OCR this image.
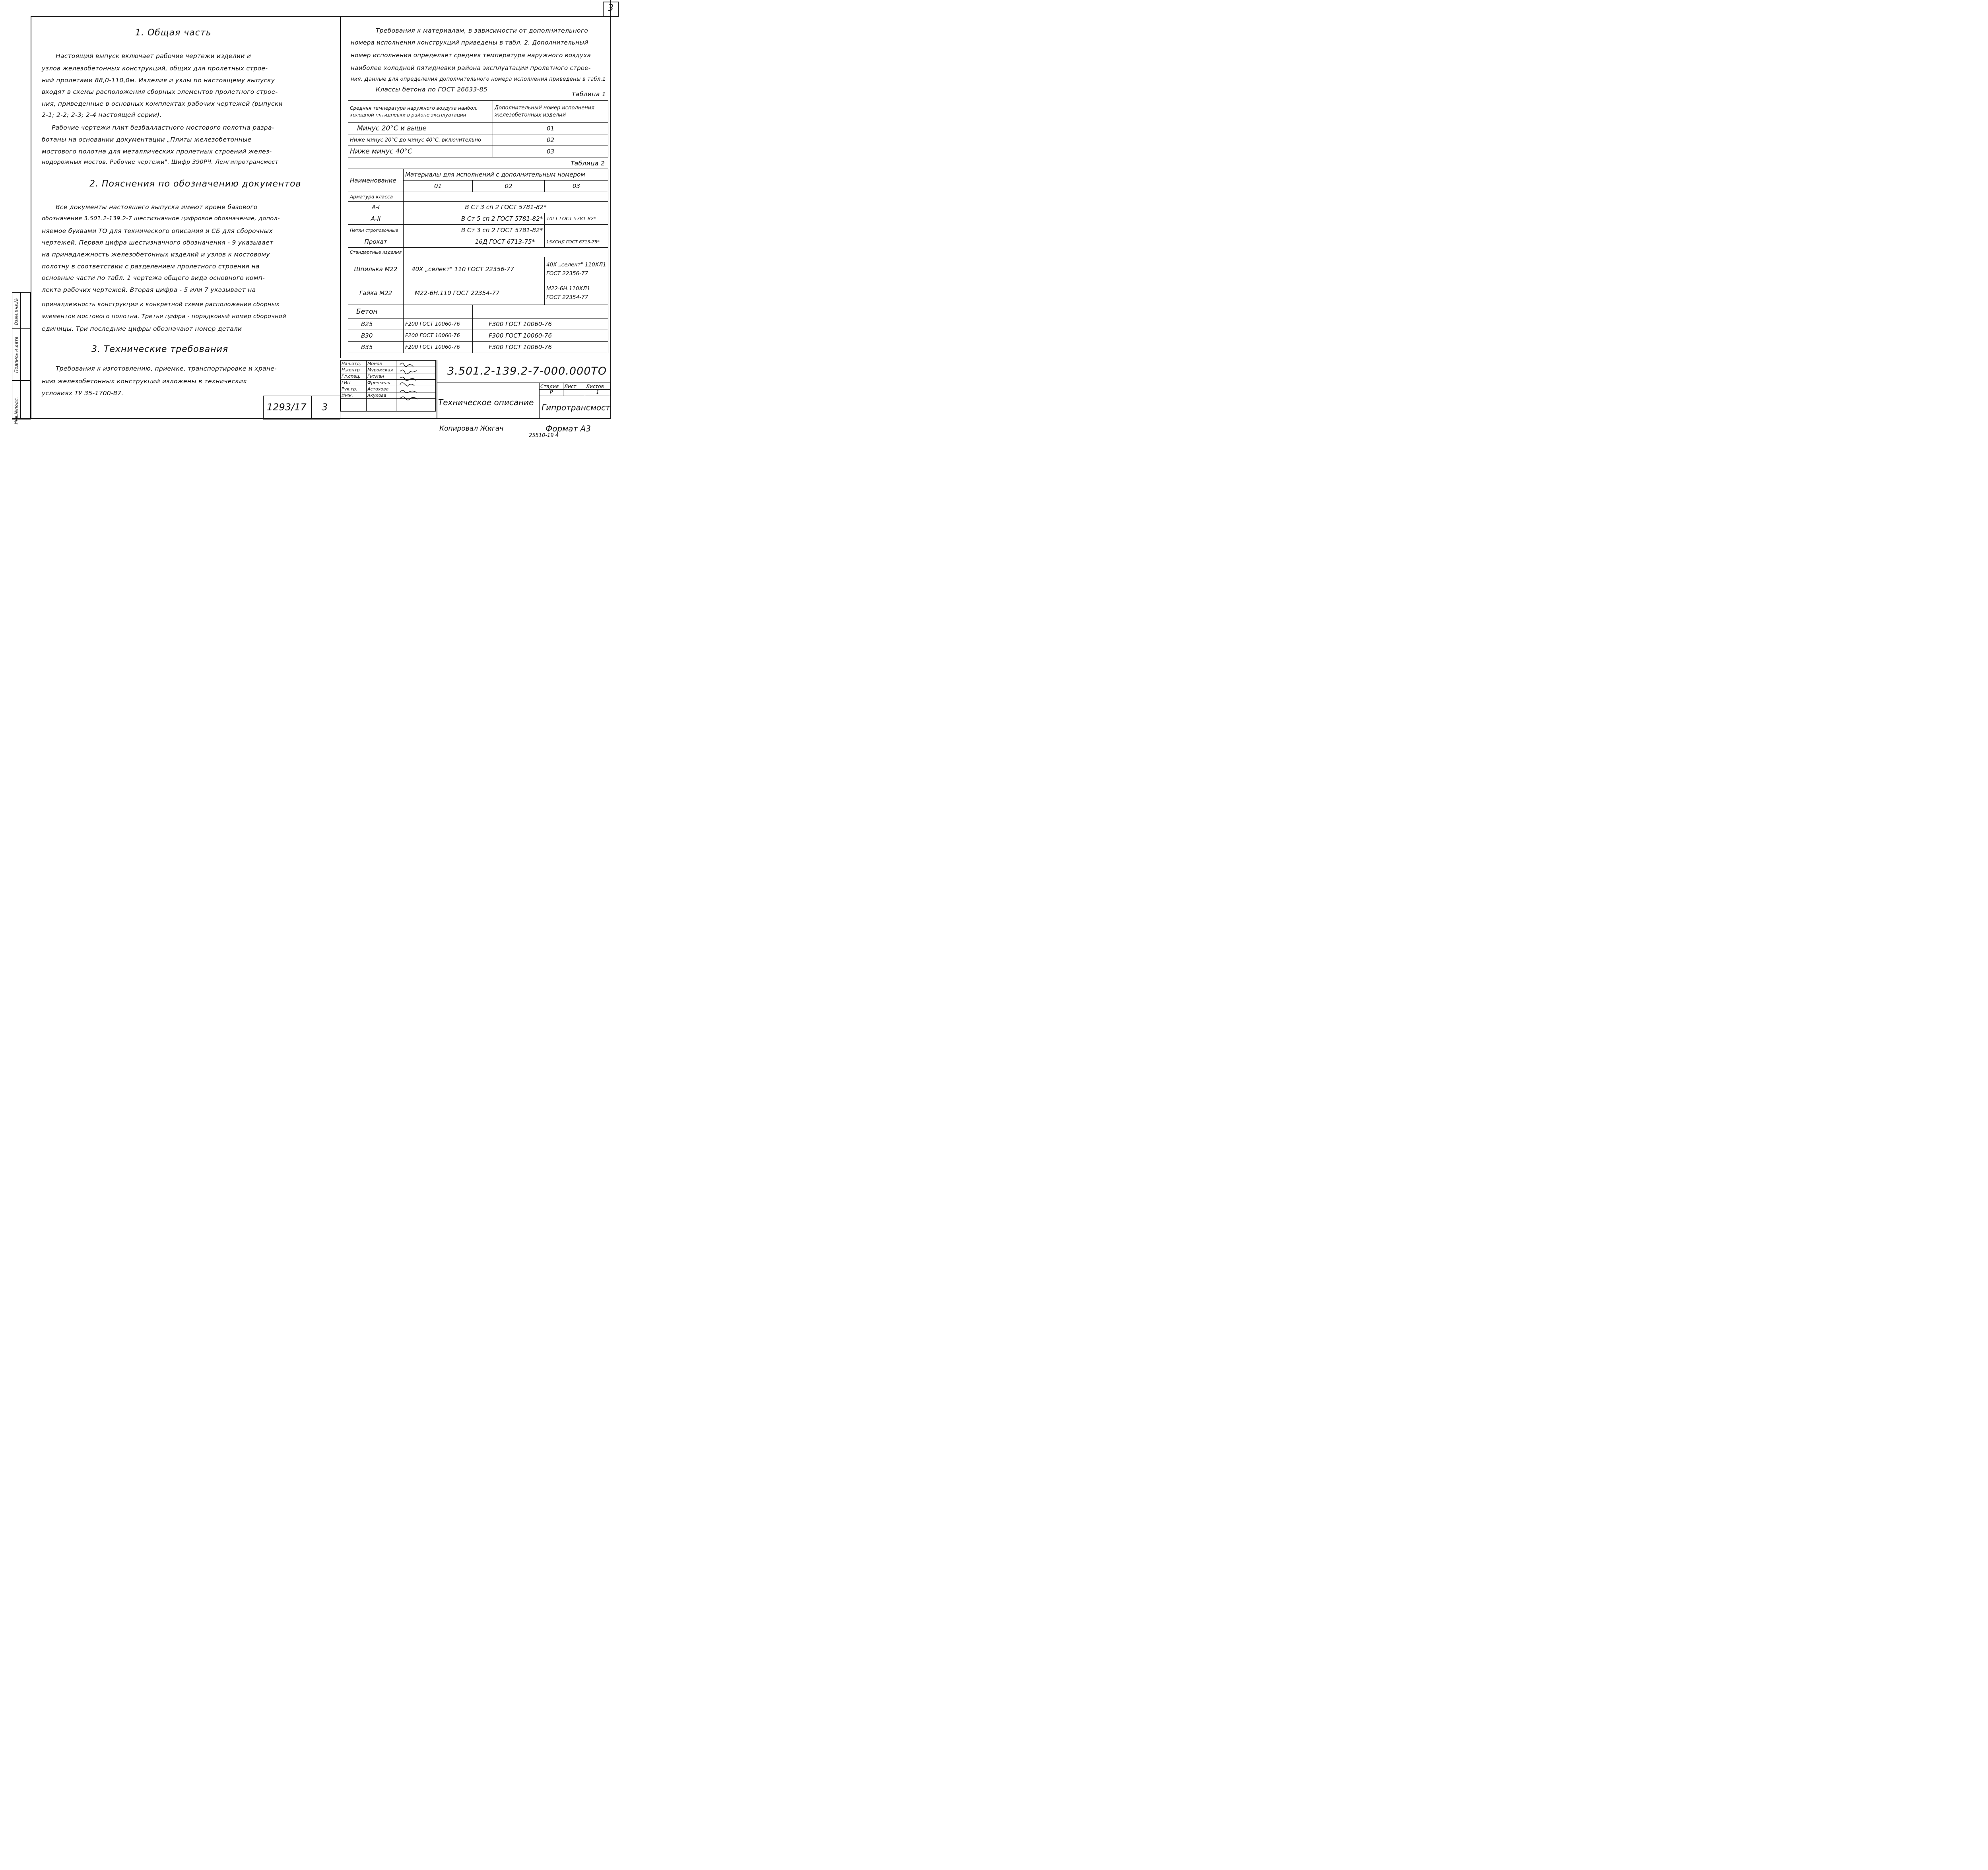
3
Инв.№подл.
Подпись и дата
Взам.инв.№
1. Общая часть
Настоящий выпуск включает рабочие чертежи изделий и
узлов железобетонных конструкций, общих для пролетных строе-
ний пролетами 88,0-110,0м. Изделия и узлы по настоящему выпуску
входят в схемы расположения сборных элементов пролетного строе-
ния, приведенные в основных комплектах рабочих чертежей (выпуски
2-1; 2-2; 2-3; 2-4 настоящей серии).
Рабочие чертежи плит безбалластного мостового полотна разра-
ботаны на основании документации „Плиты железобетонные
мостового полотна для металлических пролетных строений желез-
нодорожных мостов. Рабочие чертежи". Шифр 390РЧ. Ленгипротрансмост
2. Пояснения по обозначению документов
Все документы настоящего выпуска имеют кроме базового
обозначения 3.501.2-139.2-7 шестизначное цифровое обозначение, допол-
няемое буквами ТО для технического описания и СБ для сборочных
чертежей. Первая цифра шестизначного обозначения - 9 указывает
на принадлежность железобетонных изделий и узлов к мостовому
полотну в соответствии с разделением пролетного строения на
основные части по табл. 1 чертежа общего вида основного комп-
лекта рабочих чертежей. Вторая цифра - 5 или 7 указывает на
принадлежность конструкции к конкретной схеме расположения сборных
элементов мостового полотна. Третья цифра - порядковый номер сборочной
единицы. Три последние цифры обозначают номер детали
3. Технические требования
Требования к изготовлению, приемке, транспортировке и хране-
нию железобетонных конструкций изложены в технических
условиях ТУ 35-1700-87.
1293/17 3
Требования к материалам, в зависимости от дополнительного
номера исполнения конструкций приведены в табл. 2. Дополнительный
номер исполнения определяет средняя температура наружного воздуха
наиболее холодной пятидневки района эксплуатации пролетного строе-
ния. Данные для определения дополнительного номера исполнения приведены в табл.1
Классы бетона по ГОСТ 26633-85
Таблица 1
Средняя температура наружного воздуха наибол.
холодной пятидневки в районе эксплуатации	Дополнительный номер исполнения
железобетонных изделий
Минус 20°С и выше	01
Ниже минус 20°С до минус 40°С, включительно	02
Ниже минус 40°С	03
Таблица 2
Наименование	Материалы для исполнений с дополнительным номером		
	01	02	03
Арматура класса			
А-I	В Ст 3 сп 2 ГОСТ 5781-82*		
А-II	В Ст 5 сп 2 ГОСТ 5781-82*		10ГТ ГОСТ 5781-82*
Петли строповочные	В Ст 3 сп 2 ГОСТ 5781-82*		
Прокат	16Д ГОСТ 6713-75*		15ХСНД ГОСТ 6713-75*
Стандартные изделия			
Шпилька М22	40Х „селект" 110 ГОСТ 22356-77		40Х „селект" 110ХЛ1
ГОСТ 22356-77
Гайка М22	М22-6Н.110 ГОСТ 22354-77		М22-6Н.110ХЛ1
ГОСТ 22354-77
Бетон			
В25	F200 ГОСТ 10060-76	F300 ГОСТ 10060-76	
В30	F200 ГОСТ 10060-76	F300 ГОСТ 10060-76	
В35	F200 ГОСТ 10060-76	F300 ГОСТ 10060-76	
Нач.отд.	Монов		
Н.контр	Муромская		
Гл.спец.	Гитман		
ГИП	Френкель		
Рук.гр.	Астахова		
Инж.	Акулова		

3.501.2-139.2-7-000.000ТО
Техническое описание
Стадия	Лист	Листов
Р		1
Гипротрансмост
Копировал Жигач	Формат А3
25510-19 4
